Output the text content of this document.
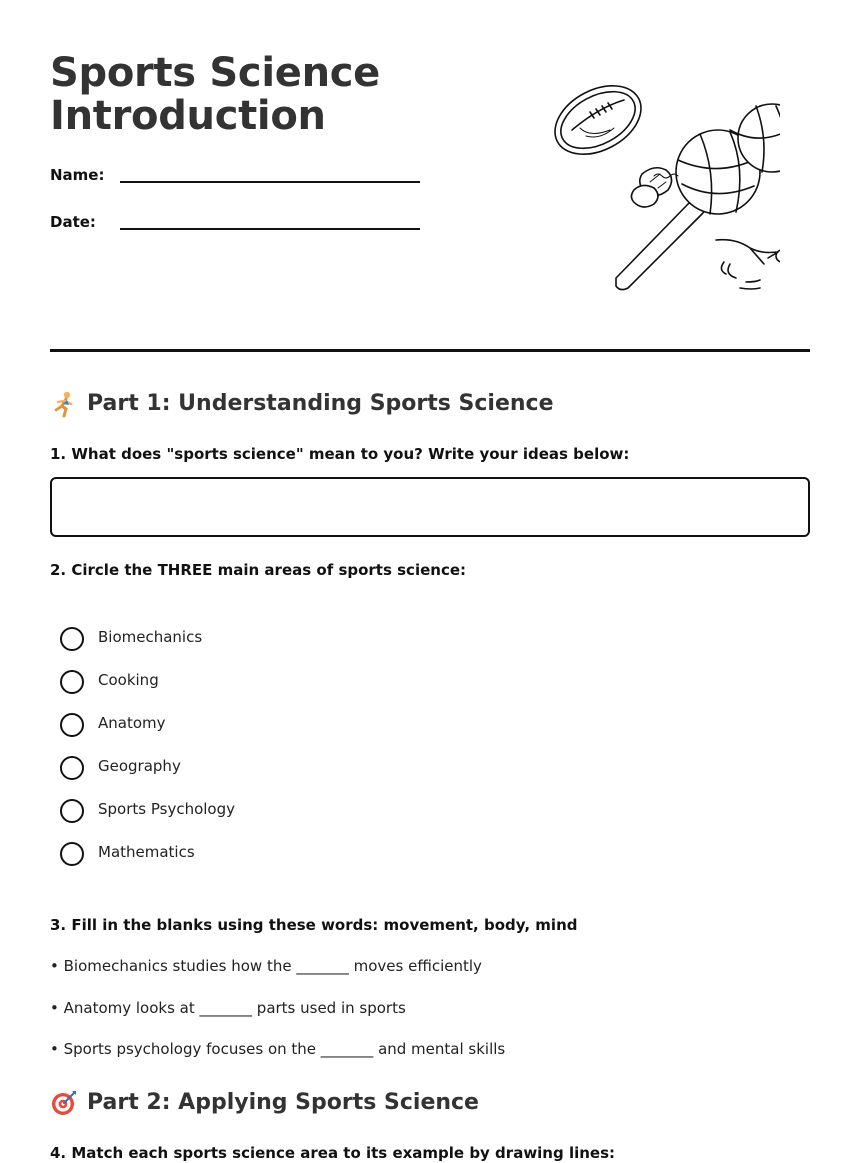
Sports Science
Introduction
Name:
Date:
Part 1: Understanding Sports Science
1. What does "sports science" mean to you? Write your ideas below:
2. Circle the THREE main areas of sports science:
Biomechanics
Cooking
Anatomy
Geography
Sports Psychology
Mathematics
3. Fill in the blanks using these words: movement, body, mind
• Biomechanics studies how the _______ moves efficiently
• Anatomy looks at _______ parts used in sports
• Sports psychology focuses on the _______ and mental skills
Part 2: Applying Sports Science
4. Match each sports science area to its example by drawing lines:
